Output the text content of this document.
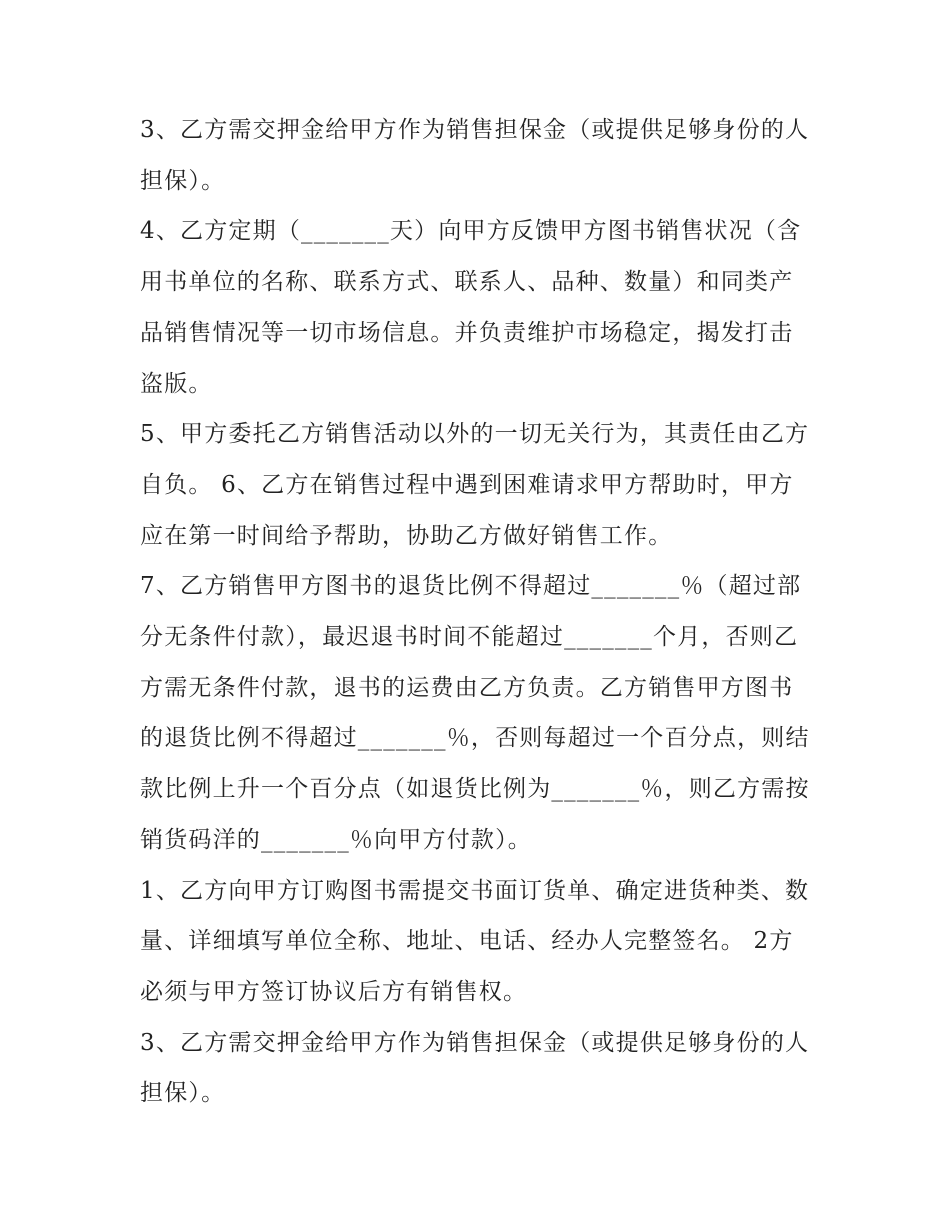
3、乙方需交押金给甲方作为销售担保金（或提供足够身份的人担保）。

4、乙方定期（_______天）向甲方反馈甲方图书销售状况（含用书单位的名称、联系方式、联系人、品种、数量）和同类产品销售情况等一切市场信息。并负责维护市场稳定，揭发打击盗版。

5、甲方委托乙方销售活动以外的一切无关行为，其责任由乙方自负。 6、乙方在销售过程中遇到困难请求甲方帮助时，甲方应在第一时间给予帮助，协助乙方做好销售工作。

7、乙方销售甲方图书的退货比例不得超过_______％（超过部分无条件付款），最迟退书时间不能超过_______个月，否则乙方需无条件付款，退书的运费由乙方负责。乙方销售甲方图书的退货比例不得超过_______％，否则每超过一个百分点，则结款比例上升一个百分点（如退货比例为_______％，则乙方需按销货码洋的_______％向甲方付款）。

1、乙方向甲方订购图书需提交书面订货单、确定进货种类、数量、详细填写单位全称、地址、电话、经办人完整签名。 2方必须与甲方签订协议后方有销售权。

3、乙方需交押金给甲方作为销售担保金（或提供足够身份的人担保）。
